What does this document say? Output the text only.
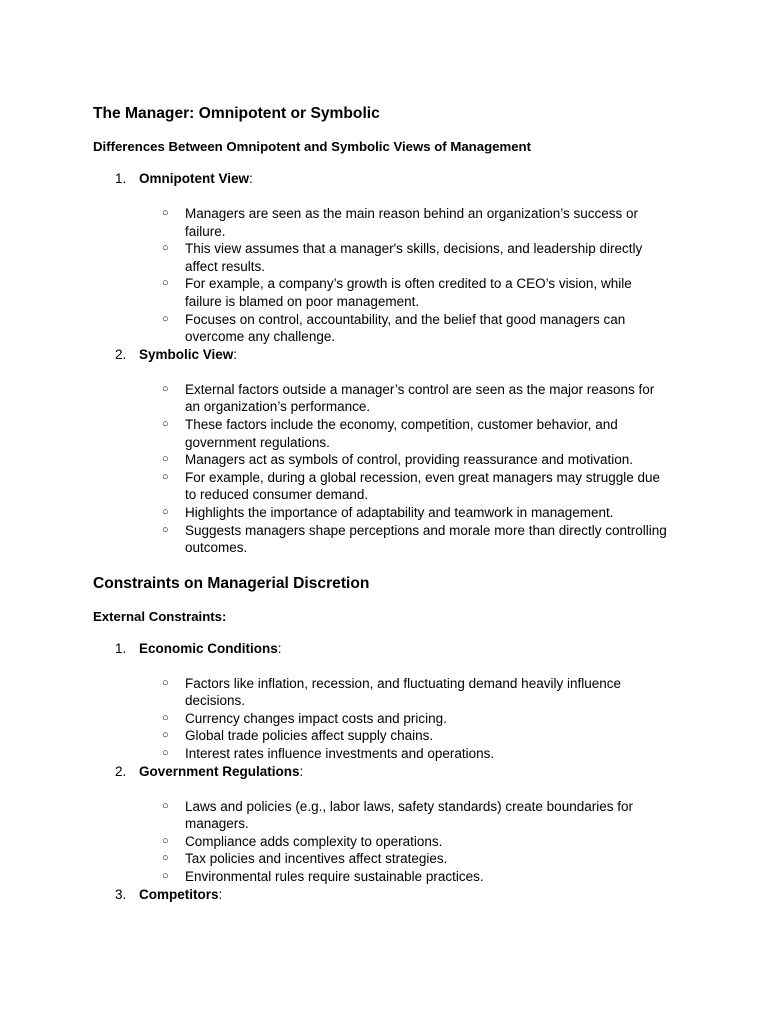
The Manager: Omnipotent or Symbolic
Differences Between Omnipotent and Symbolic Views of Management
1. Omnipotent View:
○ Managers are seen as the main reason behind an organization’s success or failure.
○ This view assumes that a manager's skills, decisions, and leadership directly affect results.
○ For example, a company’s growth is often credited to a CEO’s vision, while failure is blamed on poor management.
○ Focuses on control, accountability, and the belief that good managers can overcome any challenge.
2. Symbolic View:
○ External factors outside a manager’s control are seen as the major reasons for an organization’s performance.
○ These factors include the economy, competition, customer behavior, and government regulations.
○ Managers act as symbols of control, providing reassurance and motivation.
○ For example, during a global recession, even great managers may struggle due to reduced consumer demand.
○ Highlights the importance of adaptability and teamwork in management.
○ Suggests managers shape perceptions and morale more than directly controlling outcomes.
Constraints on Managerial Discretion
External Constraints:
1. Economic Conditions:
○ Factors like inflation, recession, and fluctuating demand heavily influence decisions.
○ Currency changes impact costs and pricing.
○ Global trade policies affect supply chains.
○ Interest rates influence investments and operations.
2. Government Regulations:
○ Laws and policies (e.g., labor laws, safety standards) create boundaries for managers.
○ Compliance adds complexity to operations.
○ Tax policies and incentives affect strategies.
○ Environmental rules require sustainable practices.
3. Competitors:
